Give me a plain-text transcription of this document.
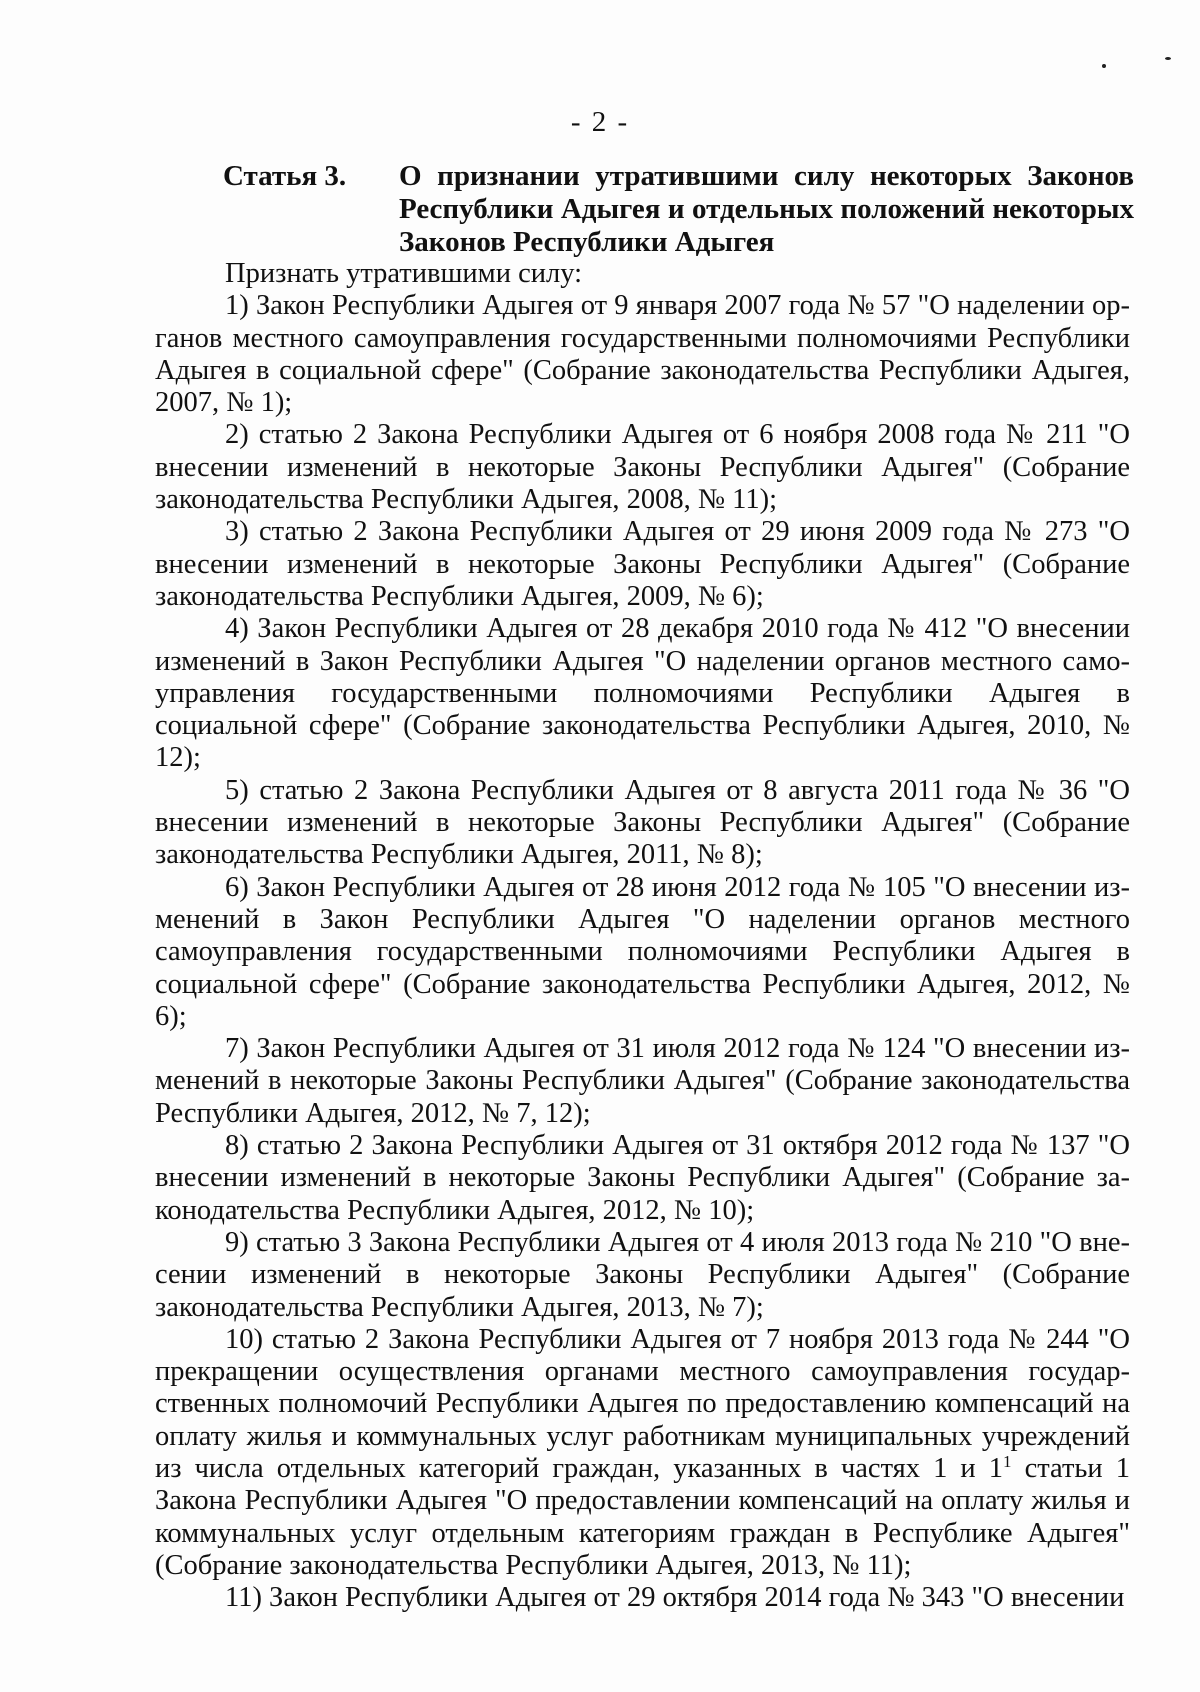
- 2 -
Статья 3. О признании утратившими силу некоторых Законов Республики Адыгея и отдельных положений некоторых Законов Республики Адыгея

Признать утратившими силу:

1) Закон Республики Адыгея от 9 января 2007 года № 57 "О наделении органов местного самоуправления государственными полномочиями Республики Адыгея в социальной сфере" (Собрание законодательства Республики Адыгея, 2007, № 1);

2) статью 2 Закона Республики Адыгея от 6 ноября 2008 года № 211 "О внесении изменений в некоторые Законы Республики Адыгея" (Собрание законодательства Республики Адыгея, 2008, № 11);

3) статью 2 Закона Республики Адыгея от 29 июня 2009 года № 273 "О внесении изменений в некоторые Законы Республики Адыгея" (Собрание законодательства Республики Адыгея, 2009, № 6);

4) Закон Республики Адыгея от 28 декабря 2010 года № 412 "О внесении изменений в Закон Республики Адыгея "О наделении органов местного самоуправления государственными полномочиями Республики Адыгея в социальной сфере" (Собрание законодательства Республики Адыгея, 2010, № 12);

5) статью 2 Закона Республики Адыгея от 8 августа 2011 года № 36 "О внесении изменений в некоторые Законы Республики Адыгея" (Собрание законодательства Республики Адыгея, 2011, № 8);

6) Закон Республики Адыгея от 28 июня 2012 года № 105 "О внесении изменений в Закон Республики Адыгея "О наделении органов местного самоуправления государственными полномочиями Республики Адыгея в социальной сфере" (Собрание законодательства Республики Адыгея, 2012, № 6);

7) Закон Республики Адыгея от 31 июля 2012 года № 124 "О внесении изменений в некоторые Законы Республики Адыгея" (Собрание законодательства Республики Адыгея, 2012, № 7, 12);

8) статью 2 Закона Республики Адыгея от 31 октября 2012 года № 137 "О внесении изменений в некоторые Законы Республики Адыгея" (Собрание законодательства Республики Адыгея, 2012, № 10);

9) статью 3 Закона Республики Адыгея от 4 июля 2013 года № 210 "О внесении изменений в некоторые Законы Республики Адыгея" (Собрание законодательства Республики Адыгея, 2013, № 7);

10) статью 2 Закона Республики Адыгея от 7 ноября 2013 года № 244 "О прекращении осуществления органами местного самоуправления государственных полномочий Республики Адыгея по предоставлению компенсаций на оплату жилья и коммунальных услуг работникам муниципальных учреждений из числа отдельных категорий граждан, указанных в частях 1 и $1^1$ статьи 1 Закона Республики Адыгея "О предоставлении компенсаций на оплату жилья и коммунальных услуг отдельным категориям граждан в Республике Адыгея" (Собрание законодательства Республики Адыгея, 2013, № 11);

11) Закон Республики Адыгея от 29 октября 2014 года № 343 "О внесении
